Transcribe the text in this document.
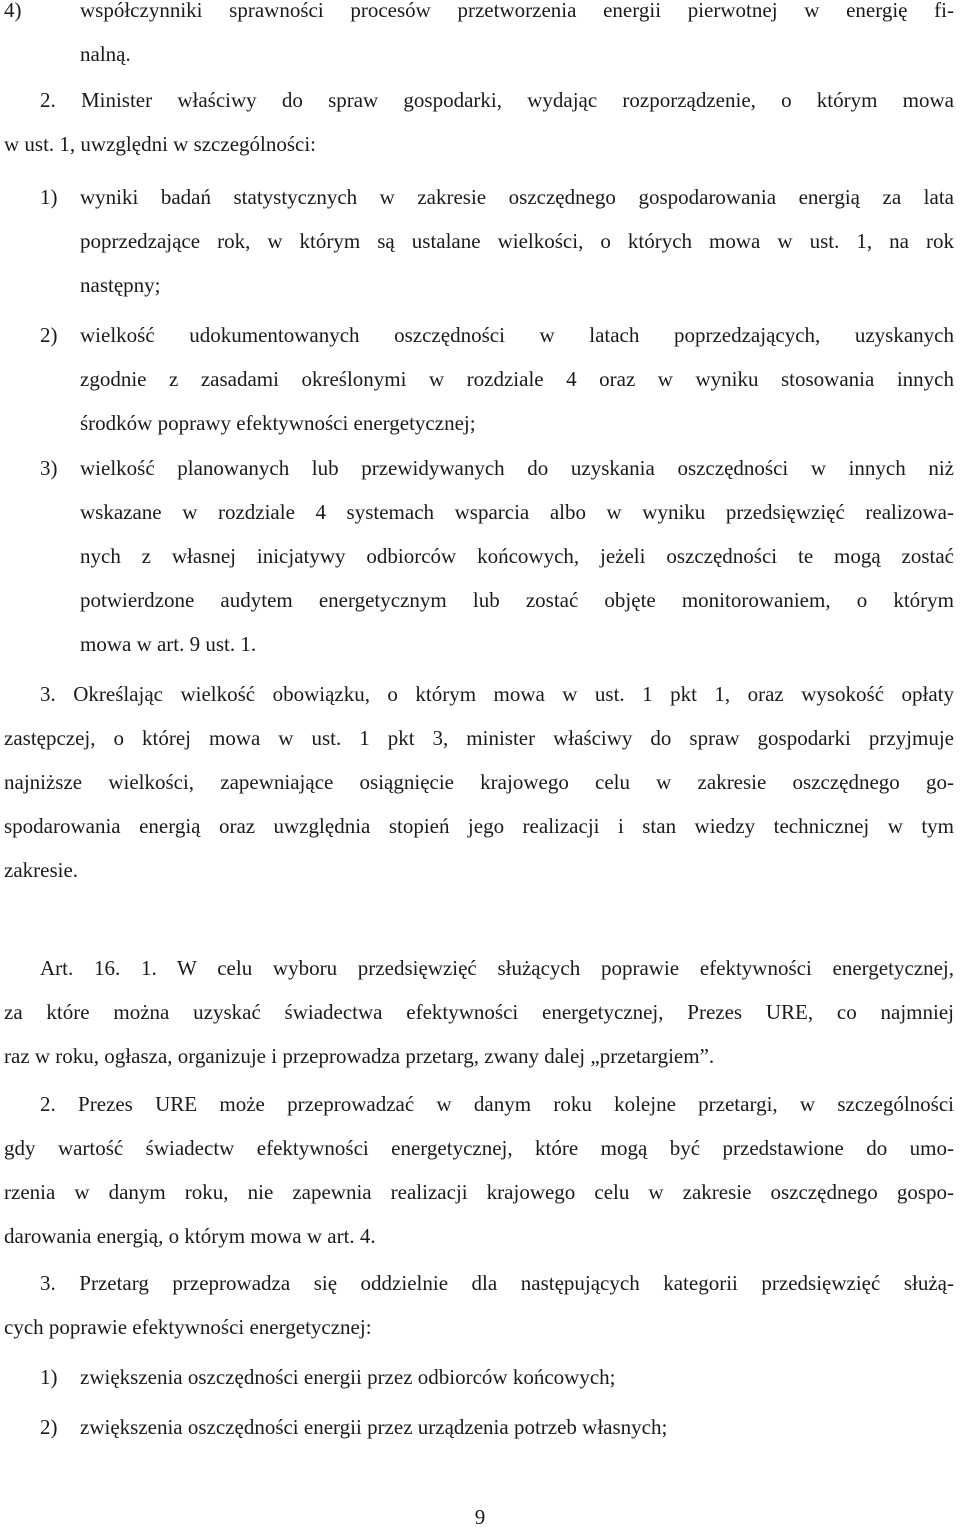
4)	współczynniki sprawności procesów przetworzenia energii pierwotnej w energię fi-
nalną.
2. Minister właściwy do spraw gospodarki, wydając rozporządzenie, o którym mowa
w ust. 1, uwzględni w szczególności:
1) wyniki badań statystycznych w zakresie oszczędnego gospodarowania energią za lata
poprzedzające rok, w którym są ustalane wielkości, o których mowa w ust. 1, na rok
następny;
2) wielkość udokumentowanych oszczędności w latach poprzedzających, uzyskanych
zgodnie z zasadami określonymi w rozdziale 4 oraz w wyniku stosowania innych
środków poprawy efektywności energetycznej;
3) wielkość planowanych lub przewidywanych do uzyskania oszczędności w innych niż
wskazane w rozdziale 4 systemach wsparcia albo w wyniku przedsięwzięć realizowa-
nych z własnej inicjatywy odbiorców końcowych, jeżeli oszczędności te mogą zostać
potwierdzone audytem energetycznym lub zostać objęte monitorowaniem, o którym
mowa w art. 9 ust. 1.
3. Określając wielkość obowiązku, o którym mowa w ust. 1 pkt 1, oraz wysokość opłaty
zastępczej, o której mowa w ust. 1 pkt 3, minister właściwy do spraw gospodarki przyjmuje
najniższe wielkości, zapewniające osiągnięcie krajowego celu w zakresie oszczędnego go-
spodarowania energią oraz uwzględnia stopień jego realizacji i stan wiedzy technicznej w tym
zakresie.
Art. 16. 1. W celu wyboru przedsięwzięć służących poprawie efektywności energetycznej,
za które można uzyskać świadectwa efektywności energetycznej, Prezes URE, co najmniej
raz w roku, ogłasza, organizuje i przeprowadza przetarg, zwany dalej „przetargiem”.
2. Prezes URE może przeprowadzać w danym roku kolejne przetargi, w szczególności
gdy wartość świadectw efektywności energetycznej, które mogą być przedstawione do umo-
rzenia w danym roku, nie zapewnia realizacji krajowego celu w zakresie oszczędnego gospo-
darowania energią, o którym mowa w art. 4.
3. Przetarg przeprowadza się oddzielnie dla następujących kategorii przedsięwzięć służą-
cych poprawie efektywności energetycznej:
1) zwiększenia oszczędności energii przez odbiorców końcowych;
2) zwiększenia oszczędności energii przez urządzenia potrzeb własnych;
9
